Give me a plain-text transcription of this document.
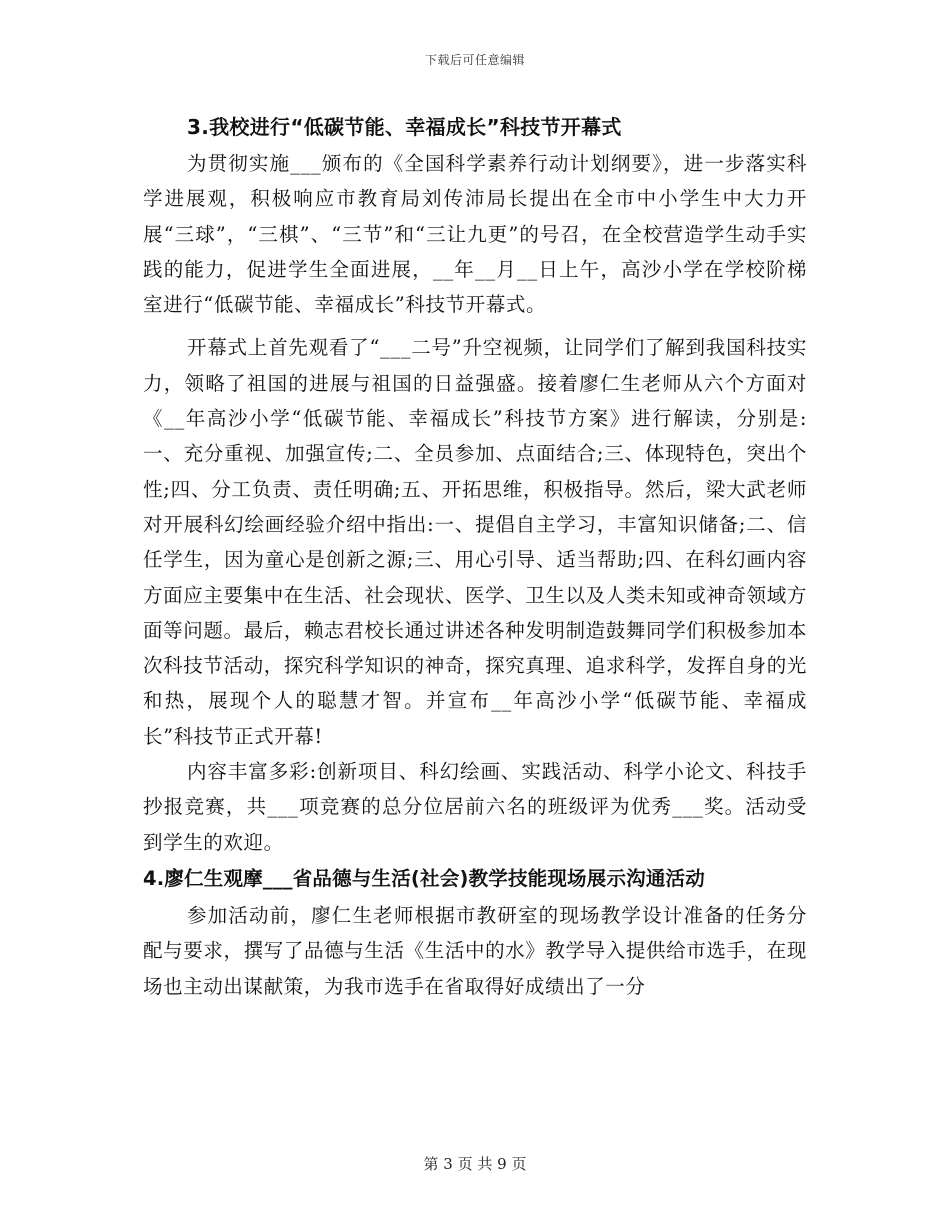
下载后可任意编辑
3.我校进行“低碳节能、幸福成长”科技节开幕式

为贯彻实施___颁布的《全国科学素养行动计划纲要》，进一步落实科学进展观，积极响应市教育局刘传沛局长提出在全市中小学生中大力开展“三球”，“三棋”、“三节”和“三让九更”的号召，在全校营造学生动手实践的能力，促进学生全面进展，__年__月__日上午，高沙小学在学校阶梯室进行“低碳节能、幸福成长”科技节开幕式。

开幕式上首先观看了“___二号”升空视频，让同学们了解到我国科技实力，领略了祖国的进展与祖国的日益强盛。接着廖仁生老师从六个方面对《__年高沙小学“低碳节能、幸福成长”科技节方案》进行解读，分别是:一、充分重视、加强宣传;二、全员参加、点面结合;三、体现特色，突出个性;四、分工负责、责任明确;五、开拓思维，积极指导。然后，梁大武老师对开展科幻绘画经验介绍中指出:一、提倡自主学习，丰富知识储备;二、信任学生，因为童心是创新之源;三、用心引导、适当帮助;四、在科幻画内容方面应主要集中在生活、社会现状、医学、卫生以及人类未知或神奇领域方面等问题。最后，赖志君校长通过讲述各种发明制造鼓舞同学们积极参加本次科技节活动，探究科学知识的神奇，探究真理、追求科学，发挥自身的光和热，展现个人的聪慧才智。并宣布__年高沙小学“低碳节能、幸福成长”科技节正式开幕!

内容丰富多彩:创新项目、科幻绘画、实践活动、科学小论文、科技手抄报竞赛，共___项竞赛的总分位居前六名的班级评为优秀___奖。活动受到学生的欢迎。

4.廖仁生观摩___省品德与生活(社会)教学技能现场展示沟通活动

参加活动前，廖仁生老师根据市教研室的现场教学设计准备的任务分配与要求，撰写了品德与生活《生活中的水》教学导入提供给市选手，在现场也主动出谋献策，为我市选手在省取得好成绩出了一分

第 3 页 共 9 页
